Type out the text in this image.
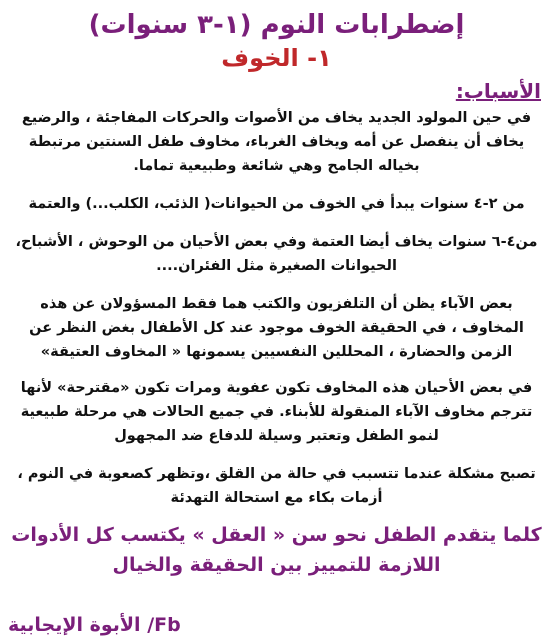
إضطرابات النوم (١-٣ سنوات)
١- الخوف
الأسباب:
في حين المولود الجديد يخاف من الأصوات والحركات المفاجئة ، والرضيع يخاف أن ينفصل عن أمه ويخاف الغرباء، مخاوف طفل السنتين مرتبطة بخياله الجامح وهي شائعة وطبيعية تماما.
من ٢-٤ سنوات يبدأ في الخوف من الحيوانات( الذئب، الكلب...) والعتمة
من٤-٦ سنوات يخاف أيضا العتمة وفي بعض الأحيان من الوحوش ، الأشباح، الحيوانات الصغيرة مثل الفئران....
بعض الآباء يظن أن التلفزيون والكتب هما فقط المسؤولان عن هذه المخاوف ، في الحقيقة الخوف موجود عند كل الأطفال بغض النظر عن الزمن والحضارة ، المحللين النفسيين يسمونها « المخاوف العتيقة»
في بعض الأحيان هذه المخاوف تكون عفوية ومرات تكون «مقترحة» لأنها تترجم مخاوف الآباء المنقولة للأبناء. في جميع الحالات هي مرحلة طبيعية لنمو الطفل وتعتبر وسيلة للدفاع ضد المجهول
تصبح مشكلة عندما تتسبب في حالة من القلق ،وتظهر كصعوبة في النوم ، أزمات بكاء مع استحالة التهدئة
كلما يتقدم الطفل نحو سن « العقل » يكتسب كل الأدوات اللازمة للتمييز بين الحقيقة والخيال
Fb/ الأبوة الإيجابية
